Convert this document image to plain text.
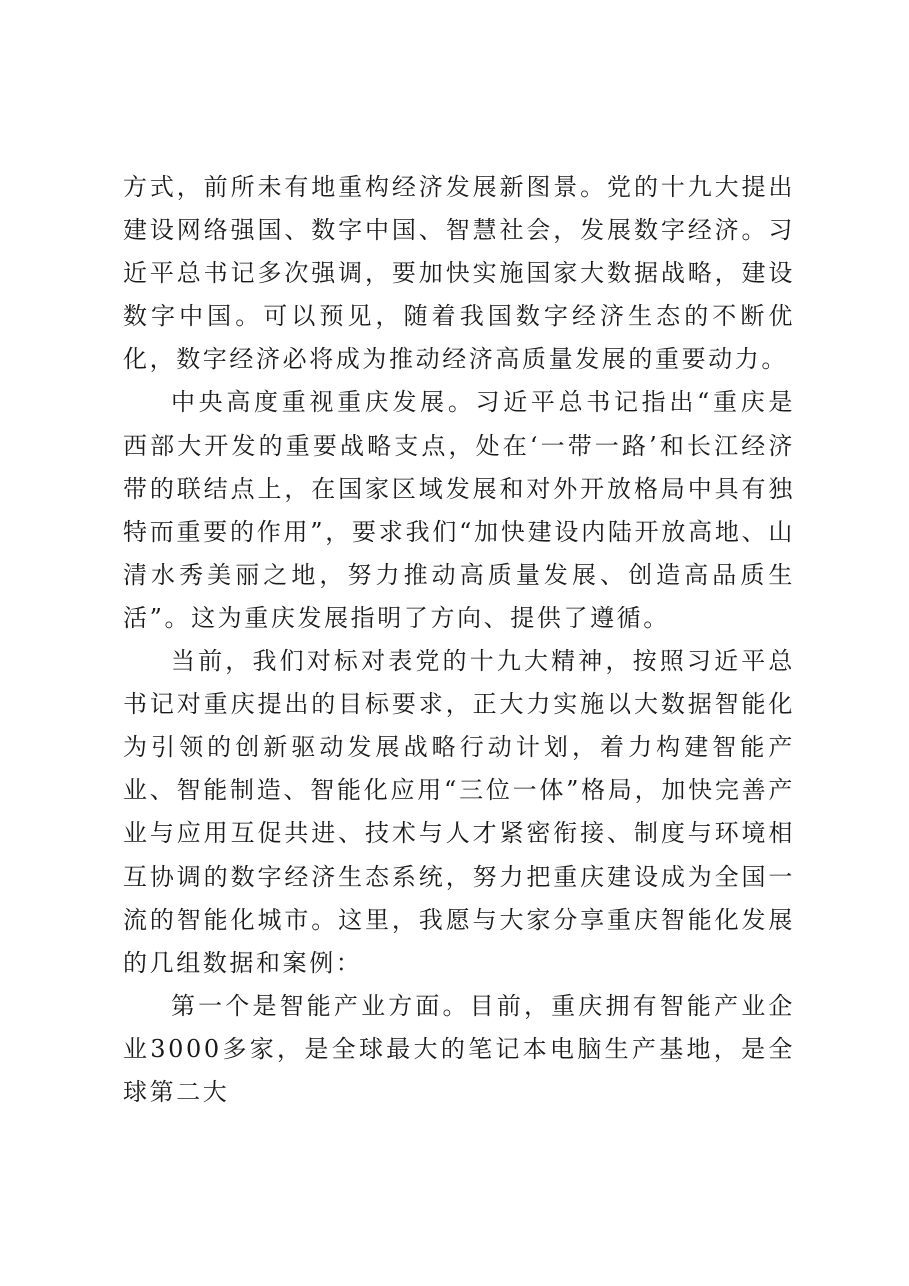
方式，前所未有地重构经济发展新图景。党的十九大提出建设网络强国、数字中国、智慧社会，发展数字经济。习近平总书记多次强调，要加快实施国家大数据战略，建设数字中国。可以预见，随着我国数字经济生态的不断优化，数字经济必将成为推动经济高质量发展的重要动力。

中央高度重视重庆发展。习近平总书记指出“重庆是西部大开发的重要战略支点，处在‘一带一路’和长江经济带的联结点上，在国家区域发展和对外开放格局中具有独特而重要的作用”，要求我们“加快建设内陆开放高地、山清水秀美丽之地，努力推动高质量发展、创造高品质生活”。这为重庆发展指明了方向、提供了遵循。

当前，我们对标对表党的十九大精神，按照习近平总书记对重庆提出的目标要求，正大力实施以大数据智能化为引领的创新驱动发展战略行动计划，着力构建智能产业、智能制造、智能化应用“三位一体”格局，加快完善产业与应用互促共进、技术与人才紧密衔接、制度与环境相互协调的数字经济生态系统，努力把重庆建设成为全国一流的智能化城市。这里，我愿与大家分享重庆智能化发展的几组数据和案例：

第一个是智能产业方面。目前，重庆拥有智能产业企业3000多家，是全球最大的笔记本电脑生产基地，是全球第二大
